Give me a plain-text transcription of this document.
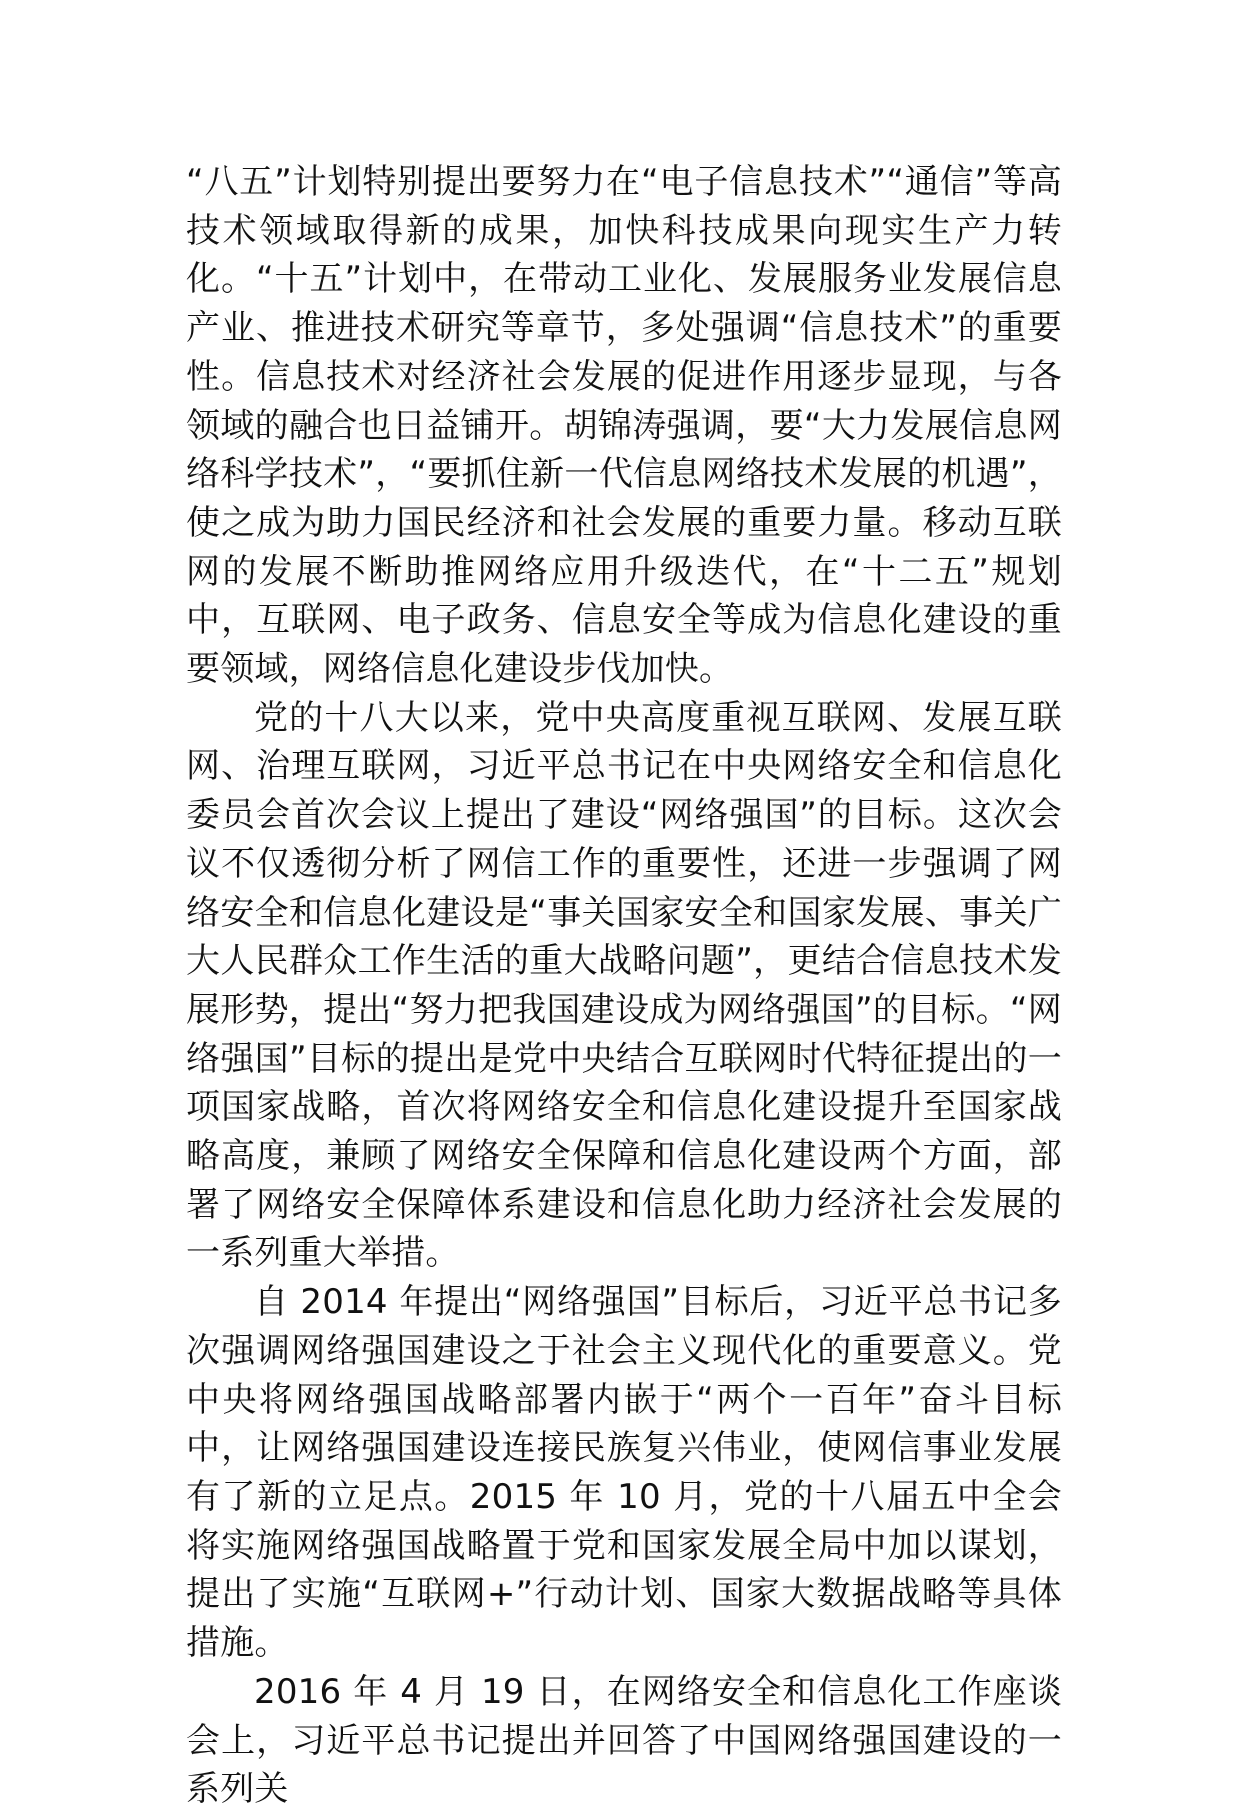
“八五”计划特别提出要努力在“电子信息技术”“通信”等高技术领域取得新的成果，加快科技成果向现实生产力转化。“十五”计划中，在带动工业化、发展服务业发展信息产业、推进技术研究等章节，多处强调“信息技术”的重要性。信息技术对经济社会发展的促进作用逐步显现，与各领域的融合也日益铺开。胡锦涛强调，要“大力发展信息网络科学技术”，“要抓住新一代信息网络技术发展的机遇”，使之成为助力国民经济和社会发展的重要力量。移动互联网的发展不断助推网络应用升级迭代，在“十二五”规划中，互联网、电子政务、信息安全等成为信息化建设的重要领域，网络信息化建设步伐加快。

党的十八大以来，党中央高度重视互联网、发展互联网、治理互联网，习近平总书记在中央网络安全和信息化委员会首次会议上提出了建设“网络强国”的目标。这次会议不仅透彻分析了网信工作的重要性，还进一步强调了网络安全和信息化建设是“事关国家安全和国家发展、事关广大人民群众工作生活的重大战略问题”，更结合信息技术发展形势，提出“努力把我国建设成为网络强国”的目标。“网络强国”目标的提出是党中央结合互联网时代特征提出的一项国家战略，首次将网络安全和信息化建设提升至国家战略高度，兼顾了网络安全保障和信息化建设两个方面，部署了网络安全保障体系建设和信息化助力经济社会发展的一系列重大举措。

自 2014 年提出“网络强国”目标后，习近平总书记多次强调网络强国建设之于社会主义现代化的重要意义。党中央将网络强国战略部署内嵌于“两个一百年”奋斗目标中，让网络强国建设连接民族复兴伟业，使网信事业发展有了新的立足点。2015 年 10 月，党的十八届五中全会将实施网络强国战略置于党和国家发展全局中加以谋划，提出了实施“互联网+”行动计划、国家大数据战略等具体措施。

2016 年 4 月 19 日，在网络安全和信息化工作座谈会上，习近平总书记提出并回答了中国网络强国建设的一系列关
